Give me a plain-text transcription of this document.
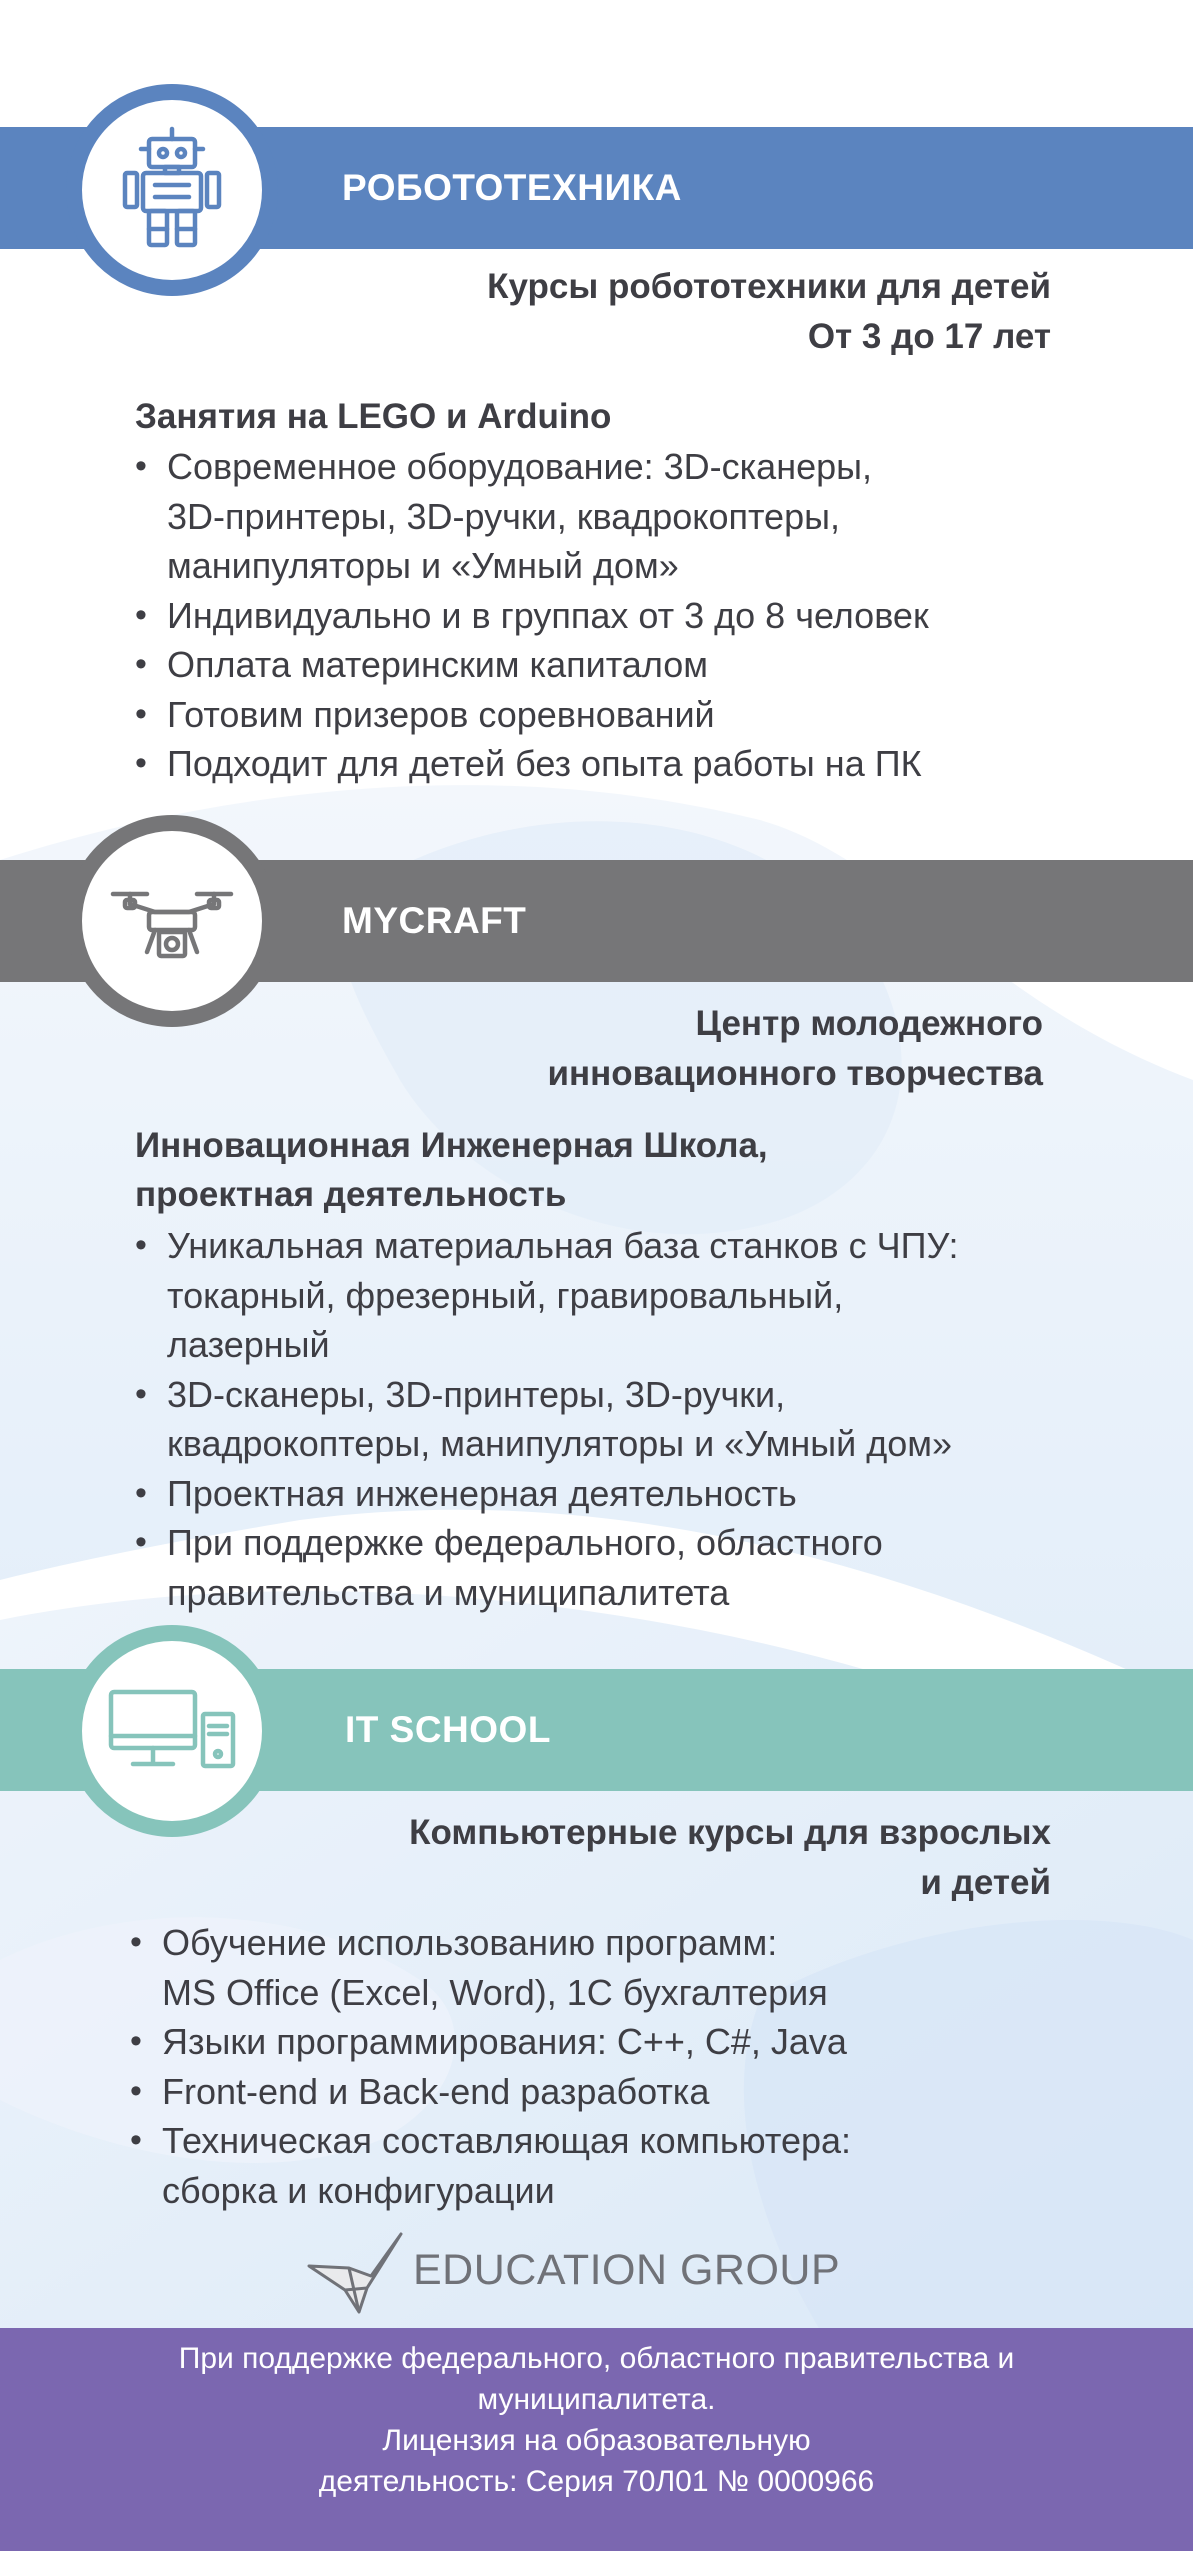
РОБОТОТЕХНИКА
Курсы робототехники для детей
От 3 до 17 лет
Занятия на LEGO и Arduino
• Современное оборудование: 3D-сканеры,
3D-принтеры, 3D-ручки, квадрокоптеры,
манипуляторы и «Умный дом»
• Индивидуально и в группах от 3 до 8 человек
• Оплата материнским капиталом
• Готовим призеров соревнований
• Подходит для детей без опыта работы на ПК
MYCRAFT
Центр молодежного
инновационного творчества
Инновационная Инженерная Школа,
проектная деятельность
• Уникальная материальная база станков с ЧПУ:
токарный, фрезерный, гравировальный,
лазерный
• 3D-сканеры, 3D-принтеры, 3D-ручки,
квадрокоптеры, манипуляторы и «Умный дом»
• Проектная инженерная деятельность
• При поддержке федерального, областного
правительства и муниципалитета
IT SCHOOL
Компьютерные курсы для взрослых
и детей
• Обучение использованию программ:
MS Office (Excel, Word), 1С бухгалтерия
• Языки программирования: С++, С#, Java
• Front-end и Back-end разработка
• Техническая составляющая компьютера:
сборка и конфигурации
EDUCATION GROUP
При поддержке федерального, областного правительства и
муниципалитета.
Лицензия на образовательную
деятельность: Серия 70Л01 № 0000966
